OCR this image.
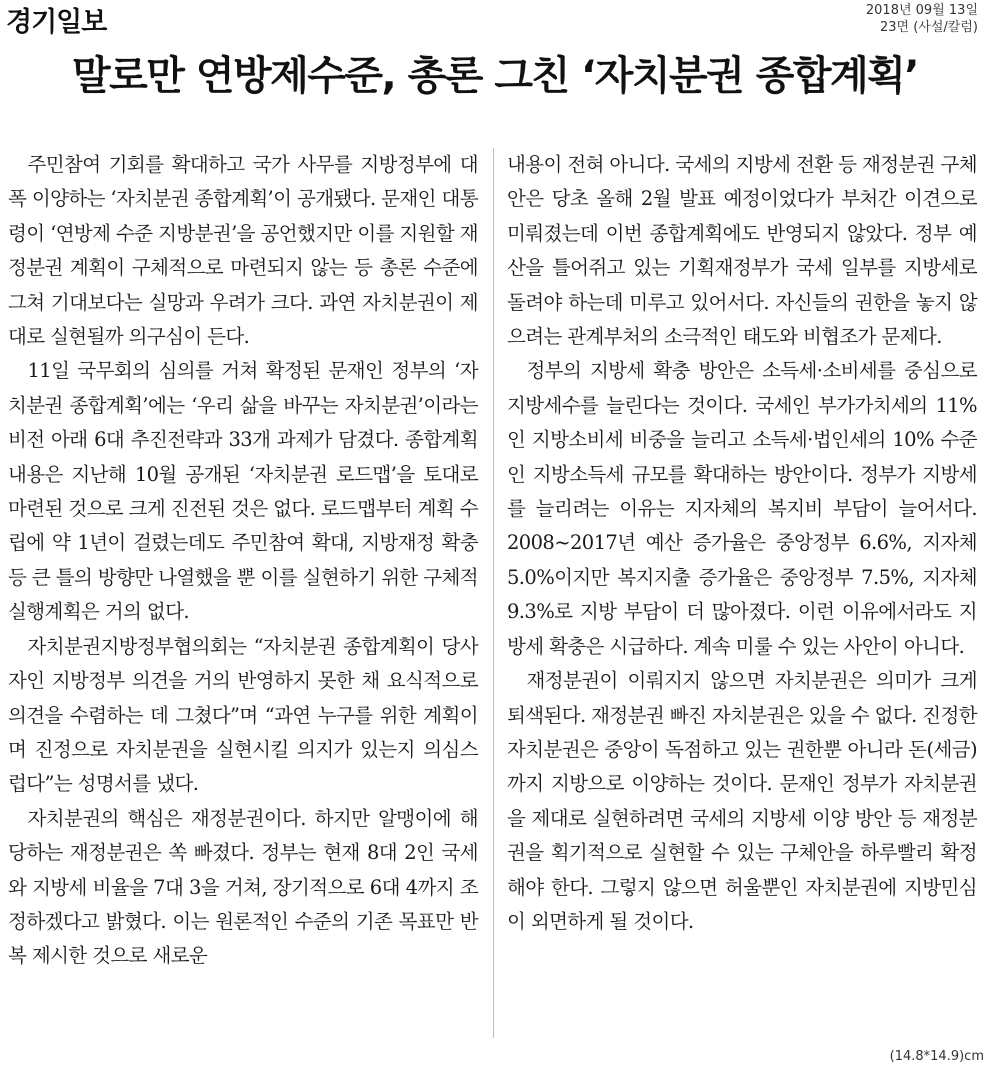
경기일보	2018년 09월 13일
23면 (사설/칼럼)
말로만 연방제수준, 총론 그친 ‘자치분권 종합계획’

주민참여 기회를 확대하고 국가 사무를 지방정부에 대폭 이양하는 ‘자치분권 종합계획’이 공개됐다. 문재인 대통령이 ‘연방제 수준 지방분권’을 공언했지만 이를 지원할 재정분권 계획이 구체적으로 마련되지 않는 등 총론 수준에 그쳐 기대보다는 실망과 우려가 크다. 과연 자치분권이 제대로 실현될까 의구심이 든다.

11일 국무회의 심의를 거쳐 확정된 문재인 정부의 ‘자치분권 종합계획’에는 ‘우리 삶을 바꾸는 자치분권’이라는 비전 아래 6대 추진전략과 33개 과제가 담겼다. 종합계획 내용은 지난해 10월 공개된 ‘자치분권 로드맵’을 토대로 마련된 것으로 크게 진전된 것은 없다. 로드맵부터 계획 수립에 약 1년이 걸렸는데도 주민참여 확대, 지방재정 확충 등 큰 틀의 방향만 나열했을 뿐 이를 실현하기 위한 구체적 실행계획은 거의 없다.

자치분권지방정부협의회는 “자치분권 종합계획이 당사자인 지방정부 의견을 거의 반영하지 못한 채 요식적으로 의견을 수렴하는 데 그쳤다”며 “과연 누구를 위한 계획이며 진정으로 자치분권을 실현시킬 의지가 있는지 의심스럽다”는 성명서를 냈다.

자치분권의 핵심은 재정분권이다. 하지만 알맹이에 해당하는 재정분권은 쏙 빠졌다. 정부는 현재 8대 2인 국세와 지방세 비율을 7대 3을 거쳐, 장기적으로 6대 4까지 조정하겠다고 밝혔다. 이는 원론적인 수준의 기존 목표만 반복 제시한 것으로 새로운

내용이 전혀 아니다. 국세의 지방세 전환 등 재정분권 구체안은 당초 올해 2월 발표 예정이었다가 부처간 이견으로 미뤄졌는데 이번 종합계획에도 반영되지 않았다. 정부 예산을 틀어쥐고 있는 기획재정부가 국세 일부를 지방세로 돌려야 하는데 미루고 있어서다. 자신들의 권한을 놓지 않으려는 관계부처의 소극적인 태도와 비협조가 문제다.

정부의 지방세 확충 방안은 소득세·소비세를 중심으로 지방세수를 늘린다는 것이다. 국세인 부가가치세의 11%인 지방소비세 비중을 늘리고 소득세·법인세의 10% 수준인 지방소득세 규모를 확대하는 방안이다. 정부가 지방세를 늘리려는 이유는 지자체의 복지비 부담이 늘어서다. 2008~2017년 예산 증가율은 중앙정부 6.6%, 지자체 5.0%이지만 복지지출 증가율은 중앙정부 7.5%, 지자체 9.3%로 지방 부담이 더 많아졌다. 이런 이유에서라도 지방세 확충은 시급하다. 계속 미룰 수 있는 사안이 아니다.

재정분권이 이뤄지지 않으면 자치분권은 의미가 크게 퇴색된다. 재정분권 빠진 자치분권은 있을 수 없다. 진정한 자치분권은 중앙이 독점하고 있는 권한뿐 아니라 돈(세금)까지 지방으로 이양하는 것이다. 문재인 정부가 자치분권을 제대로 실현하려면 국세의 지방세 이양 방안 등 재정분권을 획기적으로 실현할 수 있는 구체안을 하루빨리 확정해야 한다. 그렇지 않으면 허울뿐인 자치분권에 지방민심이 외면하게 될 것이다.

(14.8*14.9)cm
